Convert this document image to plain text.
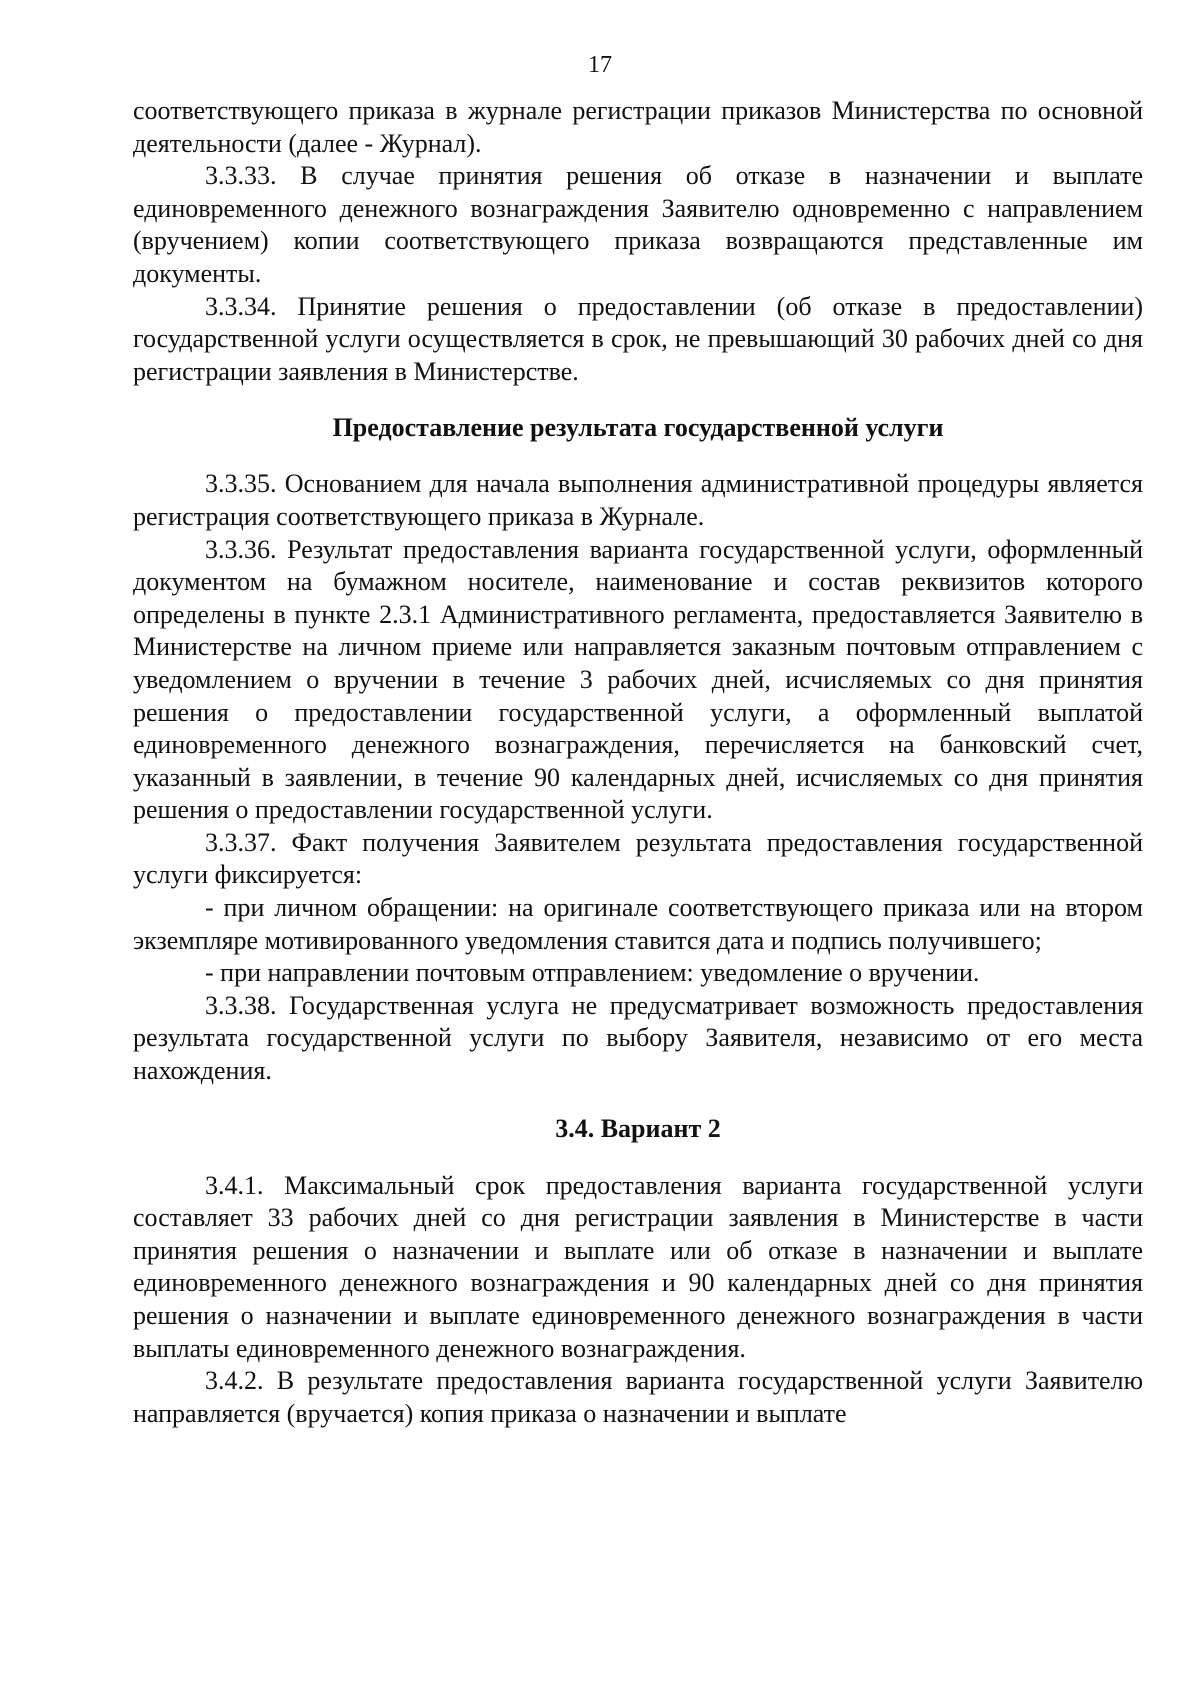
17

соответствующего приказа в журнале регистрации приказов Министерства по основной деятельности (далее - Журнал).

3.3.33. В случае принятия решения об отказе в назначении и выплате единовременного денежного вознаграждения Заявителю одновременно с направлением (вручением) копии соответствующего приказа возвращаются представленные им документы.

3.3.34. Принятие решения о предоставлении (об отказе в предоставлении) государственной услуги осуществляется в срок, не превышающий 30 рабочих дней со дня регистрации заявления в Министерстве.

Предоставление результата государственной услуги

3.3.35. Основанием для начала выполнения административной процедуры является регистрация соответствующего приказа в Журнале.

3.3.36. Результат предоставления варианта государственной услуги, оформленный документом на бумажном носителе, наименование и состав реквизитов которого определены в пункте 2.3.1 Административного регламента, предоставляется Заявителю в Министерстве на личном приеме или направляется заказным почтовым отправлением с уведомлением о вручении в течение 3 рабочих дней, исчисляемых со дня принятия решения о предоставлении государственной услуги, а оформленный выплатой единовременного денежного вознаграждения, перечисляется на банковский счет, указанный в заявлении, в течение 90 календарных дней, исчисляемых со дня принятия решения о предоставлении государственной услуги.

3.3.37. Факт получения Заявителем результата предоставления государственной услуги фиксируется:

- при личном обращении: на оригинале соответствующего приказа или на втором экземпляре мотивированного уведомления ставится дата и подпись получившего;

- при направлении почтовым отправлением: уведомление о вручении.

3.3.38. Государственная услуга не предусматривает возможность предоставления результата государственной услуги по выбору Заявителя, независимо от его места нахождения.

3.4. Вариант 2

3.4.1. Максимальный срок предоставления варианта государственной услуги составляет 33 рабочих дней со дня регистрации заявления в Министерстве в части принятия решения о назначении и выплате или об отказе в назначении и выплате единовременного денежного вознаграждения и 90 календарных дней со дня принятия решения о назначении и выплате единовременного денежного вознаграждения в части выплаты единовременного денежного вознаграждения.

3.4.2. В результате предоставления варианта государственной услуги Заявителю направляется (вручается) копия приказа о назначении и выплате
